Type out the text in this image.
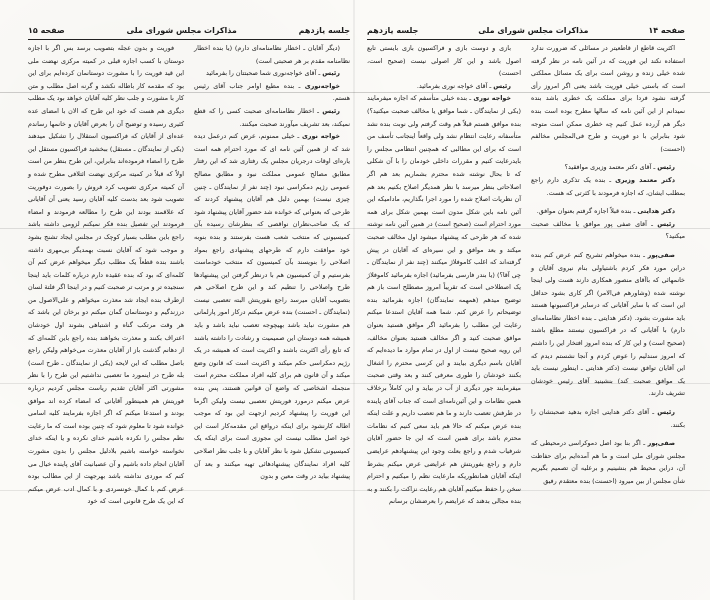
جلسه یازدهم
مذاکرات مجلس شورای ملی
صفحه ۱۵

(دیگر آقایان ـ اخطار نظامنامه‌ای دارم) (یا بنده اخطار نظامنامه مقدم بر هر صحبتی است)

رئیس ـ آقای خواجه‌نوری شما صحبتتان را بفرمائید

خواجه‌نوری ـ بنده مطیع اوامر جناب آقای رئیس هستم.

رئیس ـ اخطار نظامنامه‌ای صحبت کسی را که قطع نمیکند، بعد تشریف میآورند صحبت میکنند.

خواجه نوری ـ خیلی ممنونم، عرض کنم درعمل دیده شد که از همین آئین نامه ای که مورد احترام همه است یاره‌ای اوقات درجریان مجلس یک رفتاری شد که این رفتار مطابق مصالح عمومی مملکت نبود و مطابق مصالح عمومی رژیم دمکراسی نبود (چند نفر از نمایندگان ـ چنین چیزی نیست) بهمین دلیل هم آقایان پیشنهاد کردند که طرحی که بعنوانی که خوانده شد حضور آقایان پیشنهاد شود که یک صاحب‌نظران نواقصی که بنظرشان رسیده بآن کمیسیونی که منتخب شعب هست بفرستند و بنده بنوبه خود موافقت دارم که طرحهای پیشنهادی راجع بمواد اصلاحی را بنویسند بآن کمیسیون که منتخب خودماست بفرستیم و آن کمیسیون هم با درنظر گرفتن این پیشنهادها طرح واصلاحی را تنظیم کند و این طرح اصلاحی هم بتصویب آقایان میرسد راجع بفوریتش البته تعصبی نیست (نمایندگان ـ احسنت) بنده عرض میکنم درکار امور پارلمانی هم مشورت نباید باشد بهیچوجه تعصب نباید باشد و باید همیشه همه دوستان این صمیمیت و رشادت را داشته باشند که تابع رأی اکثریت باشند و اکثریت است که همیشه در یک رژیم دمکراسی حکم میکند و اکثریت است که قانون وضع میکند و آن قانون هم برای کلیه افراد مملکت محترم است منجمله اشخاصی که واضع آن قوانین هستند، پس بنده عرض میکنم درمورد فوریتش تعصبی نیست ولیکن اگرما این فوریت را پیشنهاد کردیم ازجهت این بود که موجب اطاله کارنشود برای اینکه درواقع این مقدمه‌کار است این خود اصل مطلب نیست این مجوزی است برای اینکه یک کمیسیونی تشکیل شود با نظر آقایان و با جلب نظر اصلاحی کلیه افراد نمایندگان پیشنهاد‌هائی تهیه میکنند و بعد آن پیشنهاد بیاید در وقت معین و بدون

فوریت و بدون عجله بتصویب برسد بس اگر با اجازه دوستان با کسب اجازه قبلی در کمیته مرکزی نهضت ملی این قید فوریت را با مشورت دوستانمان کرده‌ایم برای این بود که مقدمه کار باطاله نکشد و گرنه اصل مطلب و متن کار با مشورت و جلب نظر کلیه آقایان خواهد بود یک مطلب دیگری هم هست که خود این طرح که الان با امضای عده کثیری رسیده و توضیح آن را بعرض آقایان و خانمها رساندم عده‌ای از آقایان که فراکسیون استقلال را تشکیل میدهند (یکی از نمایندگان ـ مستقل) ببخشید فراکسیون مستقل این طرح را امضاء فرموده‌اند بنابراین، این طرح بنظر من است اولاً که قبلاً در کمیته مرکزی نهضت ائتلافی مطرح شده و آن کمیته مرکزی تصویب کرد فروش را بصورت دوفوریت تصویب شود بعد بدست کلیه آقایان رسید یعنی آن آقایانی که علاقمند بودند این طرح را مطالعه فرمودند و امضاء فرمودند این تفصیل بنده فکر نمیکنم لزومی داشته باشد راجع باین مطلب بسیار کوچک در مجلس ایجاد تشنج بشود و موجب شود که آقایان نسبت بهمدیگر بی‌مهری داشته باشند بنده قطعاً یک مطلب دیگر میخواهم عرض کنم آن کلمه‌ای که بود که بنده عقیده دارم درباره کلمات باید اینجا سنجیده تر و مرتب تر صحبت کنیم و در اینجا اگر فلتة لسان ازطرف بنده ایجاد شد معذرت میخواهم و علی‌الاصول من درزندگیم و دوستانمان گمان میکنم دو برخان این باشد که هر وقت مرتکب گناه و اشتباهی بشوند اول خودشان اعتراف بکنند و معذرت بخواهند بنده راجع باین کلمه‌ای که از دهانم گذشت باز از آقایان معذرت می‌خواهم ولیکن راجع باصل مطلب که این لایحه (یکی از نمایندگان ـ طرح است) بله طرح در اینمورد ما تعصبی نداشتیم این طرح را با نظر مشورتی اکثر آقایان تقدیم ریاست مجلس کردیم درباره فوریتش هم همینطور آقایانی که امضاء کرده اند موافق بودند و استدعا میکنم که اگر اجازه بفرمایند کلیه اسامی خوانده شود تا معلوم شود که چنین بوده است که ما رعایت نظم مجلس را نکرده باشیم خدای نکرده و یا اینکه خدای نخواسته خواسته باشیم بلادلیل مجلس را بدون مشورت آقایان انجام داده باشیم و آن عصبانیت آقای پاینده خیال می کنم که موردی نداشته باشد بهرجهت از این مطالب بوده عرض کنم با کمال خونسردی و با کمال ادب عرض میکنم که این یک طرح قانونی است که خود

صفحه ۱۴
مذاکرات مجلس شورای ملی
جلسه یازدهم

اکثریت قاطع از قاطعیتر در مسائلی که ضرورت ندارد استفاده نکند این فوریت که در آئین نامه در نظر گرفته شده خیلی زنده و روشن است برای یک مسائل مملکتی است که باستی خیلی فوریت باشد یعنی اگر امروز رأی گرفته نشود فردا برای مملکت یک خطری باشد بنده نمیدانم از این آئین نامه که سالها مطرح بوده است بنده دیگر هم آزرده عمل کنیم چه خطری ممکن است متوجه شود بنابراین با دو فوریت و طرح فی‌المجلس مخالفم (احسنت)

رئیس ـ آقای دکتر معتمد وزیری موافقید؟

دکتر معتمد وزیری ـ بنده یک تذکری دارم راجع بمطلب ایشان، که اجازه فرمودند با کثرتی که هست.

دکتر هدایتی ـ بنده قبلاً اجازه گرفتم بعنوان موافق.

رئیس ـ آقای صفی پور موافق یا مخالف صحبت میکنید؟

صفی‌پور ـ بنده میخواهم تشریح کنم عرض کنم بنده دراین مورد فکر کردم باشتیاولی بنام نیروی آقایان و خانمهائی که باآقای منصور همکاری دارند هست ولی اینجا نوشته شده (وشاورهم فی‌الامر) اگر کاری بشود حداقل این است که با سایر آقایانی که درسایر فراکسیونها هستند باید مشورت بشود. (دکتر هدایتی ـ بنده اخطار نظامنامه‌ای دارم) با آقایانی که در فراکسیون نیستند مطلع باشند (صحیح است) و این کار که بنده امروز افتخار این را داشتم که امروز سندلیم را عوض کردم و آنجا نشستم دیدم که این آقایان توافق نیست (دکتر هدایتی ـ اینطور نیست باید یک موافق صحبت کند) بنشینید آقای رئیس خودشان تشریف دارند.

رئیس ـ آقای دکتر هدایتی اجازه بدهید صحبتشان را بکنند.

صفی‌پور ـ اگر بنا بود اصل دموکراسی درمحیطی که مجلس شورای ملی است و ما هم آمده‌ایم برای حفاظت آن، دراین محیط هم بنشینیم و برعلیه آن تصمیم بگیریم شأن مجلس از بین میرود (احسنت) بنده معتقدم رفیق

بازی و دوست بازی و فراکسیون بازی بایستی تابع اصول باشد و این کار اصولی نیست (صحیح است، احسنت)

رئیس ـ آقای خواجه نوری بفرمائید.

خواجه نوری ـ بنده خیلی متأسفم که اجازه میفرمایند (یکی از نمایندگان ـ شما موافق یا مخالف صحبت میکنید؟) بنده موافق هستم قبلاً هم وقت گرفتم ولی نوبت بنده نشد متأسفانه رعایت انتظام نشد ولی واقعاً اینجانب تأسف من است که برای این مطالبی که همچنین انتظامی مجلس را بایدرعایت کنیم و مقررات داخلی خودمان را با آن شکلی که تا بحال نوشته شده محترم بشماریم بعد هم اگر اصلاحاتی بنظر میرسد با نظر همدیگر اصلاح بکنیم بعد هم آن نظریات اصلاح شده را مورد اجرا بگذاریم، مادامیکه این آئین نامه باین شکل مدون است بهمین شکل برای همه مورد احترام است (صحیح است) در همین آئین نامه نوشته شده که هر طرحی که پیشنهاد میشود اول مخالف صحبت میکند و بعد موافق و این سیره‌ای که آقایان در پیش گرفته‌اند که اغلب کاموفلاژ میکنند (چند نفر از نمایندگان ـ چی آقا؟) (یا بندر فارسی بفرمائید) اجازه بفرمائید کاموفلاژ یک اصطلاحی است که تقریباً امروز مصطلح است باز هم توضیح میدهم (همهمه نمایندگان) اجازه بفرمائید بنده توضیحاتم را عرض کنم. شما همه آقایان استدعا میکنم رعایت این مطلب را بفرمائید اگر موافق هستید بعنوان موافق صحبت کنید و اگر مخالف هستید بعنوان مخالف، این رویه صحیح نیست از اول در تمام موارد ما دیده‌ایم که آقایان باسم دیگری بیایند و این کرسی محترم را اشغال بکنند خودشان را طوری معرفی کنند و بعد وقتی صحبت میفرمایند جور دیگری از آب در بیاید و این کاملاً برخلاف همین نظامات و این آئین‌نامه‌ای است که جناب آقای پاینده در طرفش تعصب دارند و ما هم تعصب داریم و علت اینکه بنده عرض میکنم که حالا هم باید سعی کنیم که نظامات محترم باشد برای همین است که این جا حضور آقایان شرفیاب شدم و راجع بعلت وجود این پیشنهادهم عرایضی دارم و راجع بفوریتش هم عرایضی عرض میکنم بشرط اینکه آقایان همانطوریکه مارعایت نظم را میکنیم و احترام سخن را حفظ میکنیم آقایان هم رعایت نزاکت را بکنند و به بنده مجالی بدهند که عرایضم را بعرضشان برسانم
